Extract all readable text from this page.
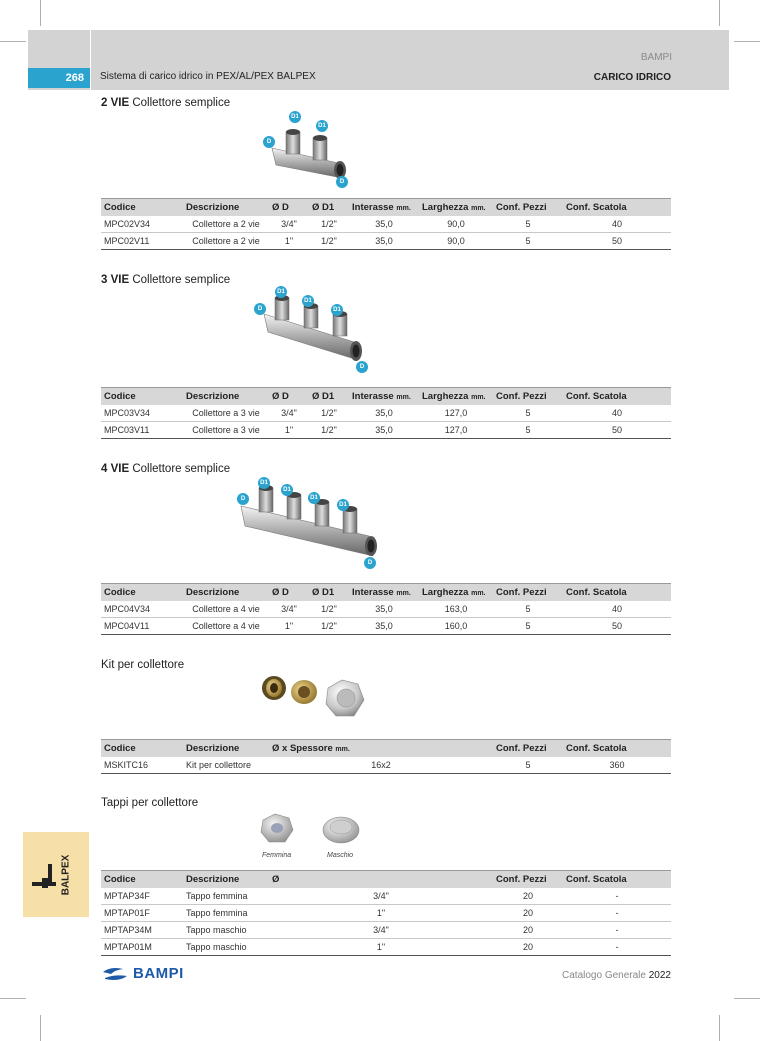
BAMPI
268	Sistema di carico idrico in PEX/AL/PEX BALPEX	CARICO IDRICO
2 VIE Collettore semplice
D1
D1
D
D
Codice	Descrizione	Ø D	Ø D1	Interasse mm.	Larghezza mm.	Conf. Pezzi	Conf. Scatola
MPC02V34	Collettore a 2 vie	3/4"	1/2"	35,0	90,0	5	40
MPC02V11	Collettore a 2 vie	1"	1/2"	35,0	90,0	5	50
3 VIE Collettore semplice
D1
D1
D1
D
D
Codice	Descrizione	Ø D	Ø D1	Interasse mm.	Larghezza mm.	Conf. Pezzi	Conf. Scatola
MPC03V34	Collettore a 3 vie	3/4"	1/2"	35,0	127,0	5	40
MPC03V11	Collettore a 3 vie	1"	1/2"	35,0	127,0	5	50
4 VIE Collettore semplice
D1
D1
D1
D1
D
D
Codice	Descrizione	Ø D	Ø D1	Interasse mm.	Larghezza mm.	Conf. Pezzi	Conf. Scatola
MPC04V34	Collettore a 4 vie	3/4"	1/2"	35,0	163,0	5	40
MPC04V11	Collettore a 4 vie	1"	1/2"	35,0	160,0	5	50
Kit per collettore
Codice	Descrizione	Ø x Spessore mm.	Conf. Pezzi	Conf. Scatola
MSKITC16	Kit per collettore	16x2	5	360
Tappi per collettore
Femmina	Maschio
Codice	Descrizione	Ø	Conf. Pezzi	Conf. Scatola
MPTAP34F	Tappo femmina	3/4"	20	-
MPTAP01F	Tappo femmina	1"	20	-
MPTAP34M	Tappo maschio	3/4"	20	-
MPTAP01M	Tappo maschio	1"	20	-
BALPEX
BAMPI	Catalogo Generale 2022
